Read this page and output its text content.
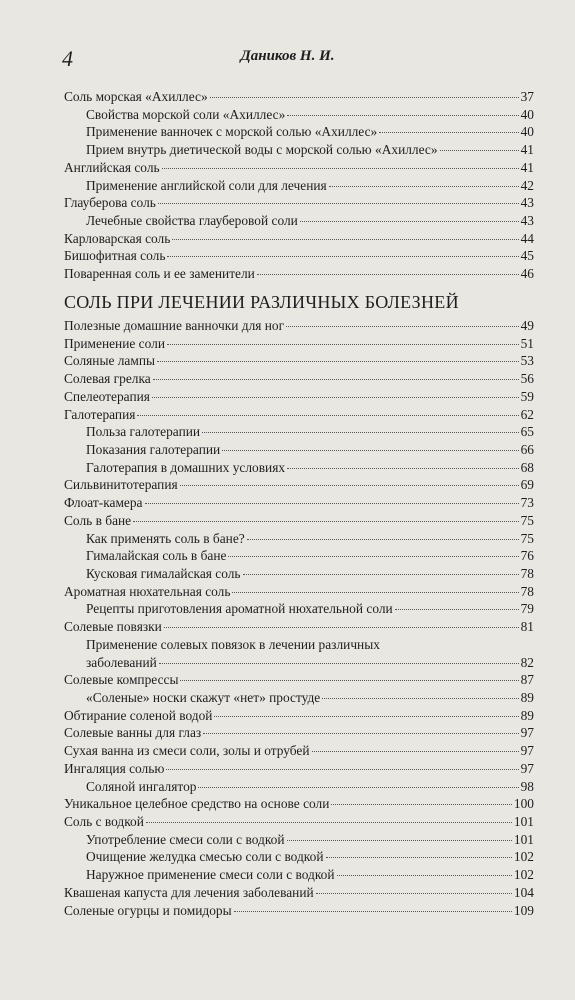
4	Даников Н. И.
Соль морская «Ахиллес»	37
Свойства морской соли «Ахиллес»	40
Применение ванночек с морской солью «Ахиллес»	40
Прием внутрь диетической воды с морской солью «Ахиллес»	41
Английская соль	41
Применение английской соли для лечения	42
Глауберова соль	43
Лечебные свойства глауберовой соли	43
Карловарская соль	44
Бишофитная соль	45
Поваренная соль и ее заменители	46
СОЛЬ ПРИ ЛЕЧЕНИИ РАЗЛИЧНЫХ БОЛЕЗНЕЙ
Полезные домашние ванночки для ног	49
Применение соли	51
Соляные лампы	53
Солевая грелка	56
Спелеотерапия	59
Галотерапия	62
Польза галотерапии	65
Показания галотерапии	66
Галотерапия в домашних условиях	68
Сильвинитотерапия	69
Флоат-камера	73
Соль в бане	75
Как применять соль в бане?	75
Гималайская соль в бане	76
Кусковая гималайская соль	78
Ароматная нюхательная соль	78
Рецепты приготовления ароматной нюхательной соли	79
Солевые повязки	81
Применение солевых повязок в лечении различных
заболеваний	82
Солевые компрессы	87
«Соленые» носки скажут «нет» простуде	89
Обтирание соленой водой	89
Солевые ванны для глаз	97
Сухая ванна из смеси соли, золы и отрубей	97
Ингаляция солью	97
Соляной ингалятор	98
Уникальное целебное средство на основе соли	100
Соль с водкой	101
Употребление смеси соли с водкой	101
Очищение желудка смесью соли с водкой	102
Наружное применение смеси соли с водкой	102
Квашеная капуста для лечения заболеваний	104
Соленые огурцы и помидоры	109
